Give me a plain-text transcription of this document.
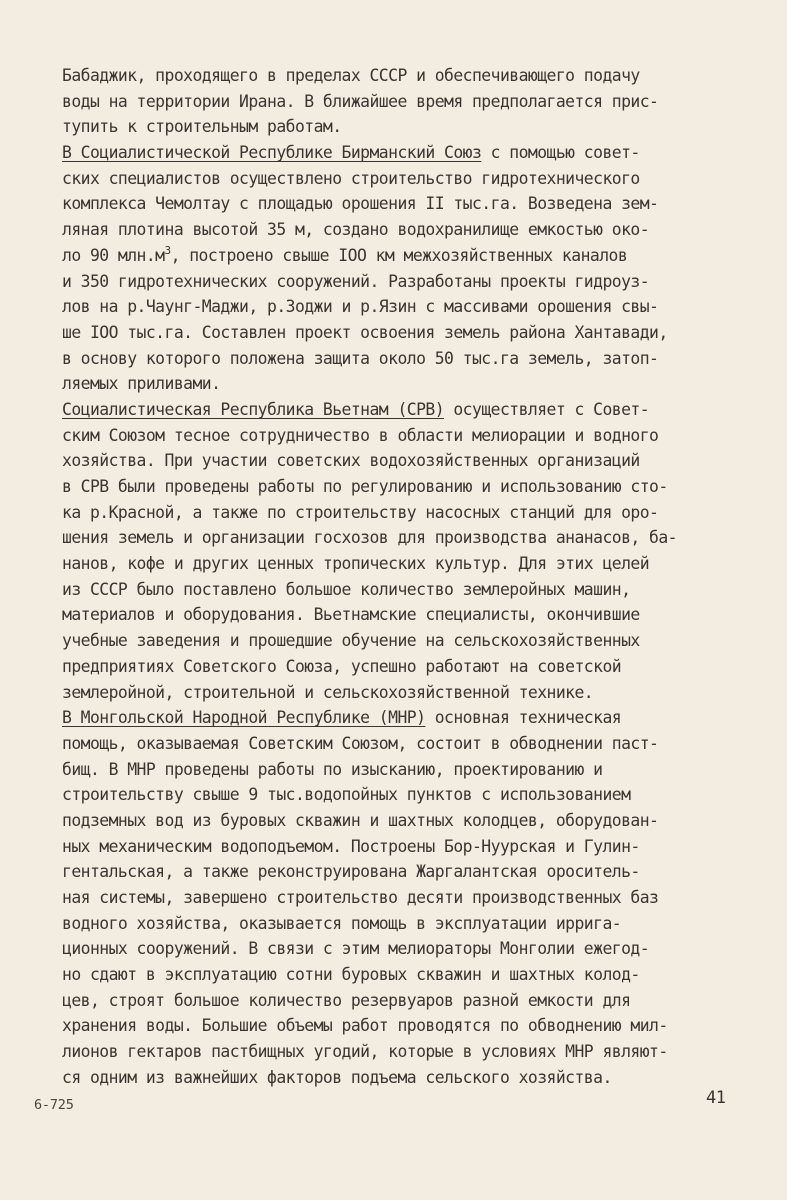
Бабаджик, проходящего в пределах СССР и обеспечивающего подачу
воды на территории Ирана. В ближайшее время предполагается прис-
тупить к строительным работам.
В Социалистической Республике Бирманский Союз с помощью совет-
ских специалистов осуществлено строительство гидротехнического
комплекса Чемолтау с площадью орошения II тыс.га. Возведена зем-
ляная плотина высотой 35 м, создано водохранилище емкостью око-
ло 90 $млн.м^3$, построено свыше IOO км межхозяйственных каналов
и 350 гидротехнических сооружений. Разработаны проекты гидроуз-
лов на р.Чаунг-Маджи, р.Зоджи и р.Язин с массивами орошения свы-
ше IOO тыс.га. Составлен проект освоения земель района Хантавади,
в основу которого положена защита около 50 тыс.га земель, затоп-
ляемых приливами.
Социалистическая Республика Вьетнам (СРВ) осуществляет с Совет-
ским Союзом тесное сотрудничество в области мелиорации и водного
хозяйства. При участии советских водохозяйственных организаций
в СРВ были проведены работы по регулированию и использованию сто-
ка р.Красной, а также по строительству насосных станций для оро-
шения земель и организации госхозов для производства ананасов, ба-
нанов, кофе и других ценных тропических культур. Для этих целей
из СССР было поставлено большое количество землеройных машин,
материалов и оборудования. Вьетнамские специалисты, окончившие
учебные заведения и прошедшие обучение на сельскохозяйственных
предприятиях Советского Союза, успешно работают на советской
землеройной, строительной и сельскохозяйственной технике.
В Монгольской Народной Республике (МНР) основная техническая
помощь, оказываемая Советским Союзом, состоит в обводнении паст-
бищ. В МНР проведены работы по изысканию, проектированию и
строительству свыше 9 тыс.водопойных пунктов с использованием
подземных вод из буровых скважин и шахтных колодцев, оборудован-
ных механическим водоподъемом. Построены Бор-Нуурская и Гулин-
гентальская, а также реконструирована Жаргалантская ороситель-
ная системы, завершено строительство десяти производственных баз
водного хозяйства, оказывается помощь в эксплуатации ирригa-
ционных сооружений. В связи с этим мелиораторы Монголии ежегод-
но сдают в эксплуатацию сотни буровых скважин и шахтных колод-
цев, строят большое количество резервуаров разной емкости для
хранения воды. Большие объемы работ проводятся по обводнению мил-
лионов гектаров пастбищных угодий, которые в условиях МНР являют-
ся одним из важнейших факторов подъема сельского хозяйства.
6-725	41
